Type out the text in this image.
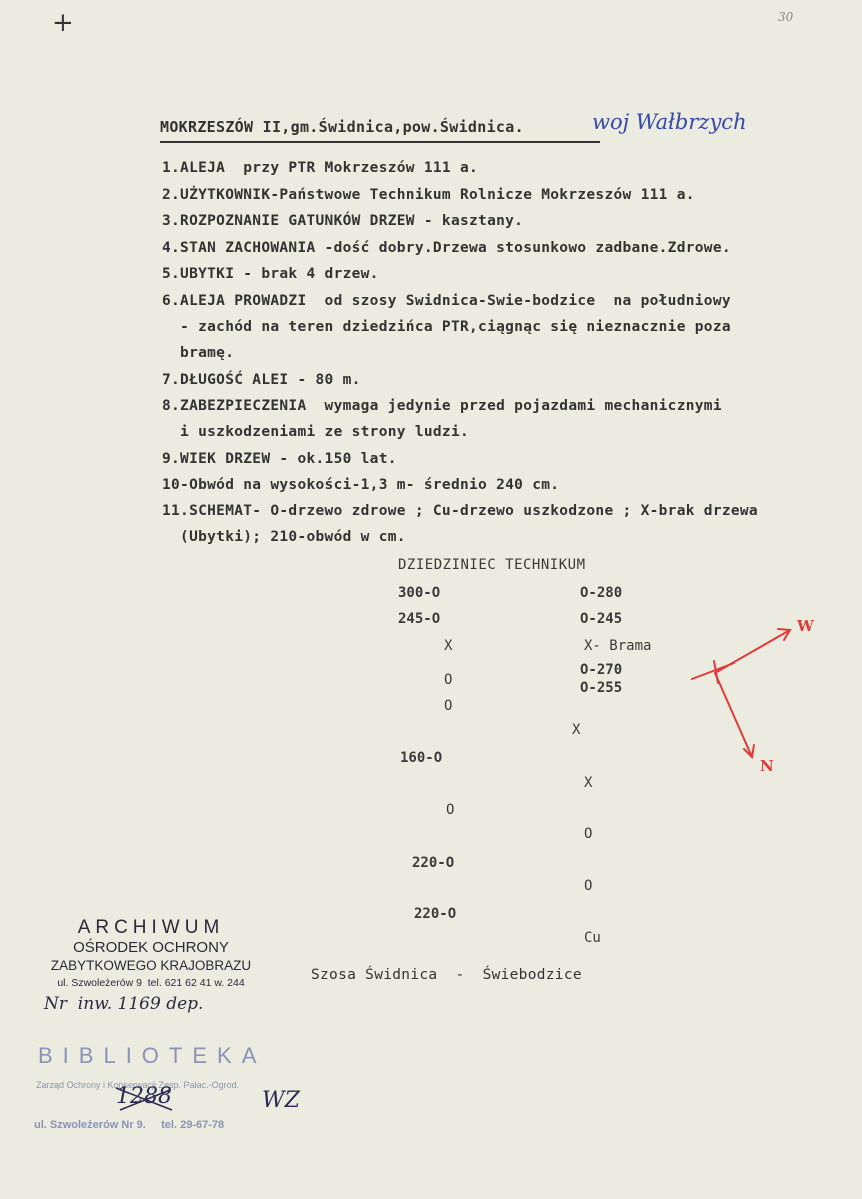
+	30
MOKRZESZÓW II,gm.Świdnica,pow.Świdnica.	woj Wałbrzych
1.ALEJA  przy PTR Mokrzeszów 111 a.
2.UŻYTKOWNIK-Państwowe Technikum Rolnicze Mokrzeszów 111 a.
3.ROZPOZNANIE GATUNKÓW DRZEW - kasztany.
4.STAN ZACHOWANIA -dość dobry.Drzewa stosunkowo zadbane.Zdrowe.
5.UBYTKI - brak 4 drzew.
6.ALEJA PROWADZI  od szosy Swidnica-Swie-bodzice  na południowy
- zachód na teren dziedzińca PTR,ciągnąc się nieznacznie poza
bramę.
7.DŁUGOŚĆ ALEI - 80 m.
8.ZABEZPIECZENIA  wymaga jedynie przed pojazdami mechanicznymi
i uszkodzeniami ze strony ludzi.
9.WIEK DRZEW - ok.150 lat.
10-Obwód na wysokości-1,3 m- średnio 240 cm.
11.SCHEMAT- O-drzewo zdrowe ; Cu-drzewo uszkodzone ; X-brak drzewa
(Ubytki); 210-obwód w cm.
DZIEDZINIEC TECHNIKUM
300-O
245-O
X
O
O
160-O
O
220-O
220-O
O-280
O-245
X- Brama
O-270
O-255
X
X
O
O
Cu
Szosa Świdnica  -  Świebodzice
W
N
ARCHIWUM
OŚRODEK OCHRONY
ZABYTKOWEGO KRAJOBRAZU
ul. Szwoleżerów 9  tel. 621 62 41 w. 244
Nr  inw. 1169 dep.
BIBLIOTEKA
Zarząd Ochrony i Konserwacji Zesp. Pałac.-Ogrod.
ul. Szwoleżerów Nr 9.     tel. 29-67-78
1288	WZ
